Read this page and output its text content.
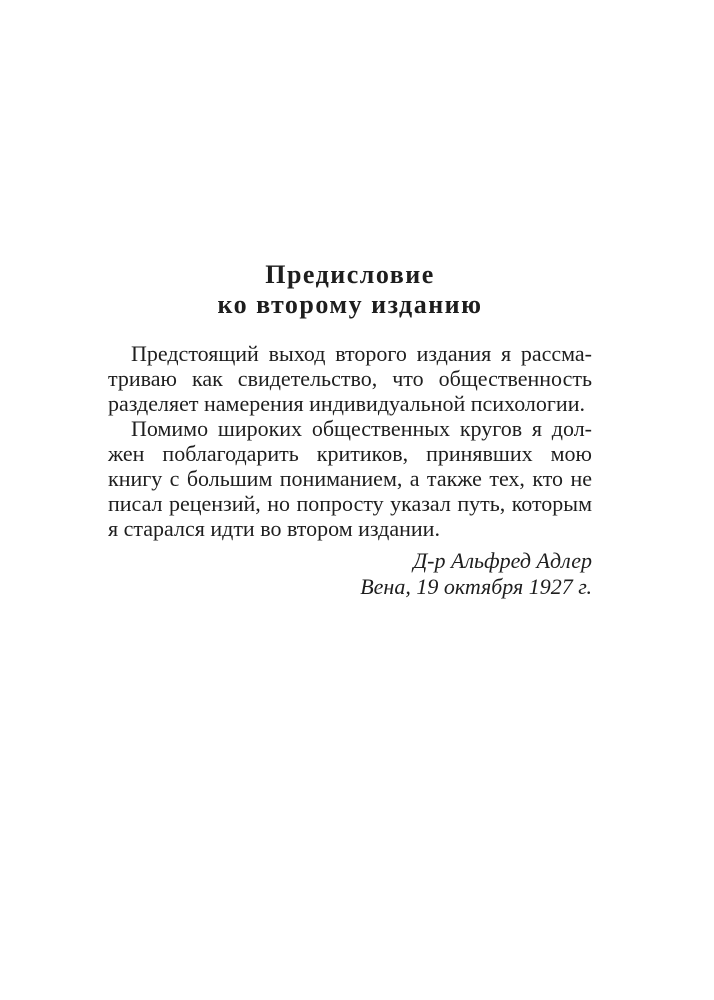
Предисловие
ко второму изданию
Предстоящий выход второго издания я рассма-
триваю как свидетельство, что общественность
разделяет намерения индивидуальной психологии.
Помимо широких общественных кругов я дол-
жен поблагодарить критиков, принявших мою
книгу с большим пониманием, а также тех, кто не
писал рецензий, но попросту указал путь, которым
я старался идти во втором издании.
Д-р Альфред Адлер
Вена, 19 октября 1927 г.
